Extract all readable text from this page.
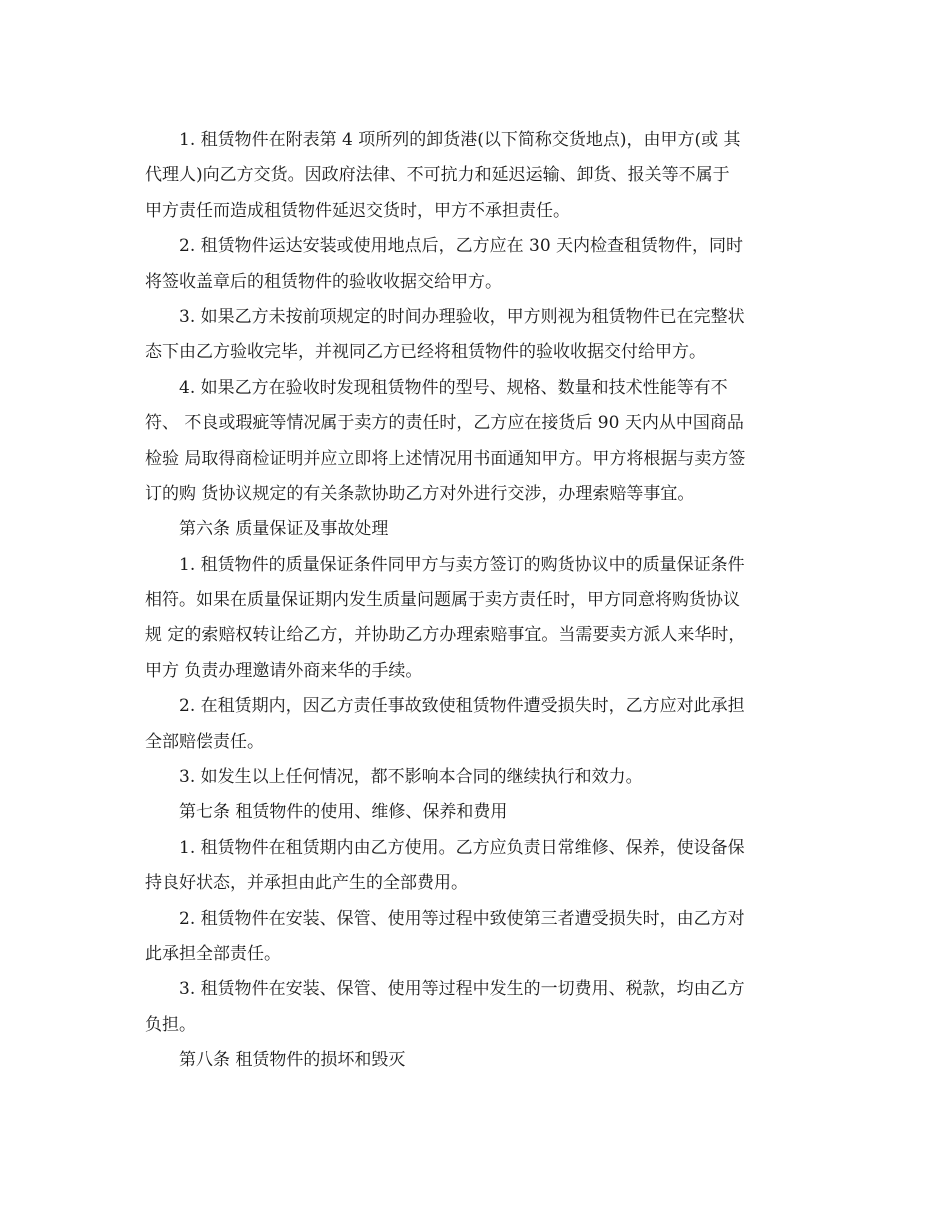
1. 租赁物件在附表第 4 项所列的卸货港(以下简称交货地点)，由甲方(或 其
代理人)向乙方交货。因政府法律、不可抗力和延迟运输、卸货、报关等不属于
甲方责任而造成租赁物件延迟交货时，甲方不承担责任。

2. 租赁物件运达安装或使用地点后，乙方应在 30 天内检查租赁物件，同时
将签收盖章后的租赁物件的验收收据交给甲方。

3. 如果乙方未按前项规定的时间办理验收，甲方则视为租赁物件已在完整状
态下由乙方验收完毕，并视同乙方已经将租赁物件的验收收据交付给甲方。

4. 如果乙方在验收时发现租赁物件的型号、规格、数量和技术性能等有不
符、 不良或瑕疵等情况属于卖方的责任时，乙方应在接货后 90 天内从中国商品
检验 局取得商检证明并应立即将上述情况用书面通知甲方。甲方将根据与卖方签
订的购 货协议规定的有关条款协助乙方对外进行交涉，办理索赔等事宜。

第六条 质量保证及事故处理

1. 租赁物件的质量保证条件同甲方与卖方签订的购货协议中的质量保证条件
相符。如果在质量保证期内发生质量问题属于卖方责任时，甲方同意将购货协议
规 定的索赔权转让给乙方，并协助乙方办理索赔事宜。当需要卖方派人来华时，
甲方 负责办理邀请外商来华的手续。

2. 在租赁期内，因乙方责任事故致使租赁物件遭受损失时，乙方应对此承担
全部赔偿责任。

3. 如发生以上任何情况，都不影响本合同的继续执行和效力。

第七条 租赁物件的使用、维修、保养和费用

1. 租赁物件在租赁期内由乙方使用。乙方应负责日常维修、保养，使设备保
持良好状态，并承担由此产生的全部费用。

2. 租赁物件在安装、保管、使用等过程中致使第三者遭受损失时，由乙方对
此承担全部责任。

3. 租赁物件在安装、保管、使用等过程中发生的一切费用、税款，均由乙方
负担。

第八条 租赁物件的损坏和毁灭
